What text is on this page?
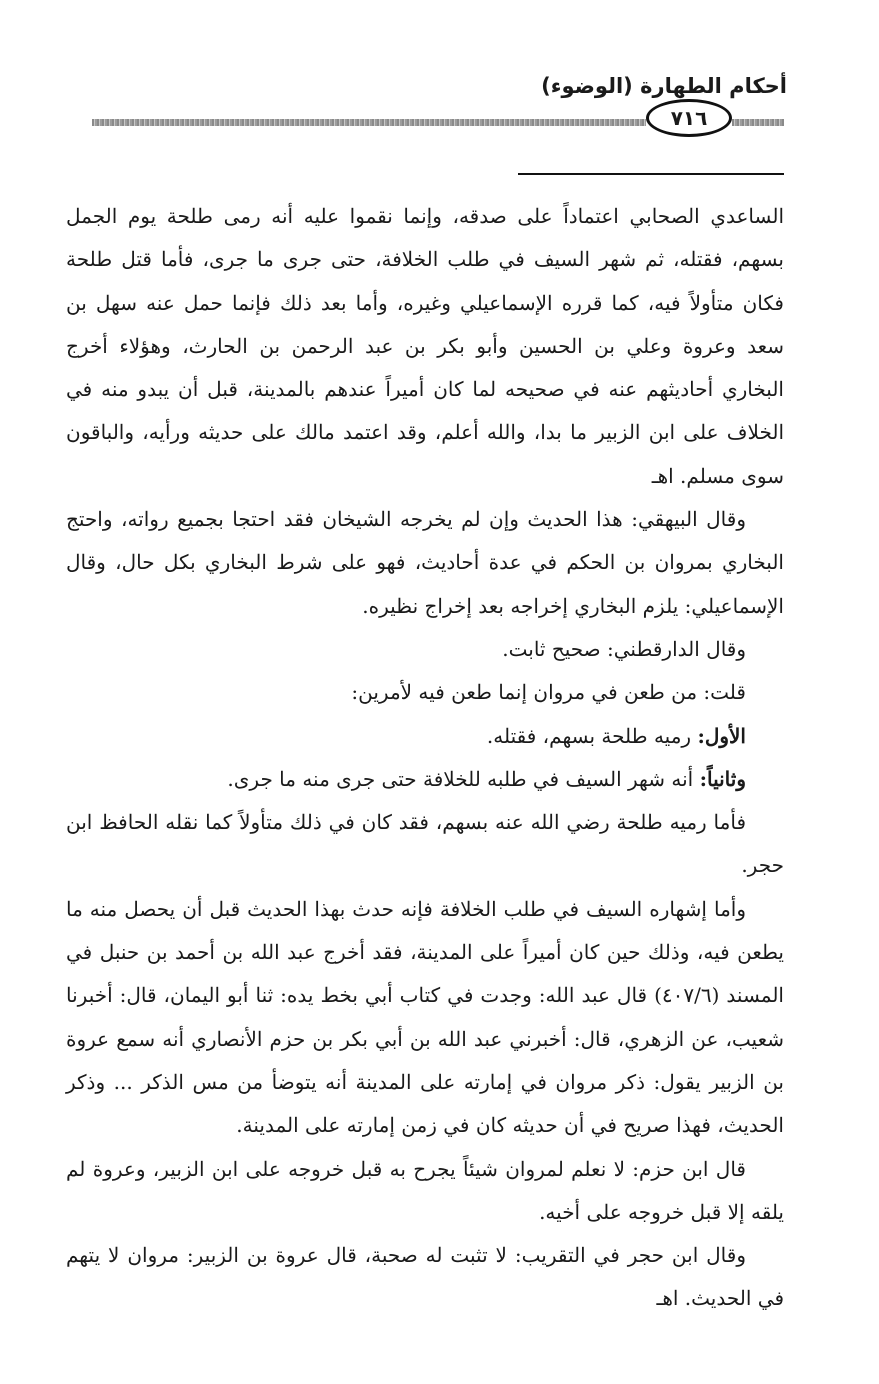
أحكام الطهارة (الوضوء)
٧١٦

الساعدي الصحابي اعتماداً على صدقه، وإنما نقموا عليه أنه رمى طلحة يوم الجمل بسهم، فقتله، ثم شهر السيف في طلب الخلافة، حتى جرى ما جرى، فأما قتل طلحة فكان متأولاً فيه، كما قرره الإسماعيلي وغيره، وأما بعد ذلك فإنما حمل عنه سهل بن سعد وعروة وعلي بن الحسين وأبو بكر بن عبد الرحمن بن الحارث، وهؤلاء أخرج البخاري أحاديثهم عنه في صحيحه لما كان أميراً عندهم بالمدينة، قبل أن يبدو منه في الخلاف على ابن الزبير ما بدا، والله أعلم، وقد اعتمد مالك على حديثه ورأيه، والباقون سوى مسلم. اهـ

وقال البيهقي: هذا الحديث وإن لم يخرجه الشيخان فقد احتجا بجميع رواته، واحتج البخاري بمروان بن الحكم في عدة أحاديث، فهو على شرط البخاري بكل حال، وقال الإسماعيلي: يلزم البخاري إخراجه بعد إخراج نظيره.

وقال الدارقطني: صحيح ثابت.

قلت: من طعن في مروان إنما طعن فيه لأمرين:

الأول: رميه طلحة بسهم، فقتله.

وثانياً: أنه شهر السيف في طلبه للخلافة حتى جرى منه ما جرى.

فأما رميه طلحة رضي الله عنه بسهم، فقد كان في ذلك متأولاً كما نقله الحافظ ابن حجر.

وأما إشهاره السيف في طلب الخلافة فإنه حدث بهذا الحديث قبل أن يحصل منه ما يطعن فيه، وذلك حين كان أميراً على المدينة، فقد أخرج عبد الله بن أحمد بن حنبل في المسند (٤٠٧/٦) قال عبد الله: وجدت في كتاب أبي بخط يده: ثنا أبو اليمان، قال: أخبرنا شعيب، عن الزهري، قال: أخبرني عبد الله بن أبي بكر بن حزم الأنصاري أنه سمع عروة بن الزبير يقول: ذكر مروان في إمارته على المدينة أنه يتوضأ من مس الذكر ... وذكر الحديث، فهذا صريح في أن حديثه كان في زمن إمارته على المدينة.

قال ابن حزم: لا نعلم لمروان شيئاً يجرح به قبل خروجه على ابن الزبير، وعروة لم يلقه إلا قبل خروجه على أخيه.

وقال ابن حجر في التقريب: لا تثبت له صحبة، قال عروة بن الزبير: مروان لا يتهم في الحديث. اهـ
